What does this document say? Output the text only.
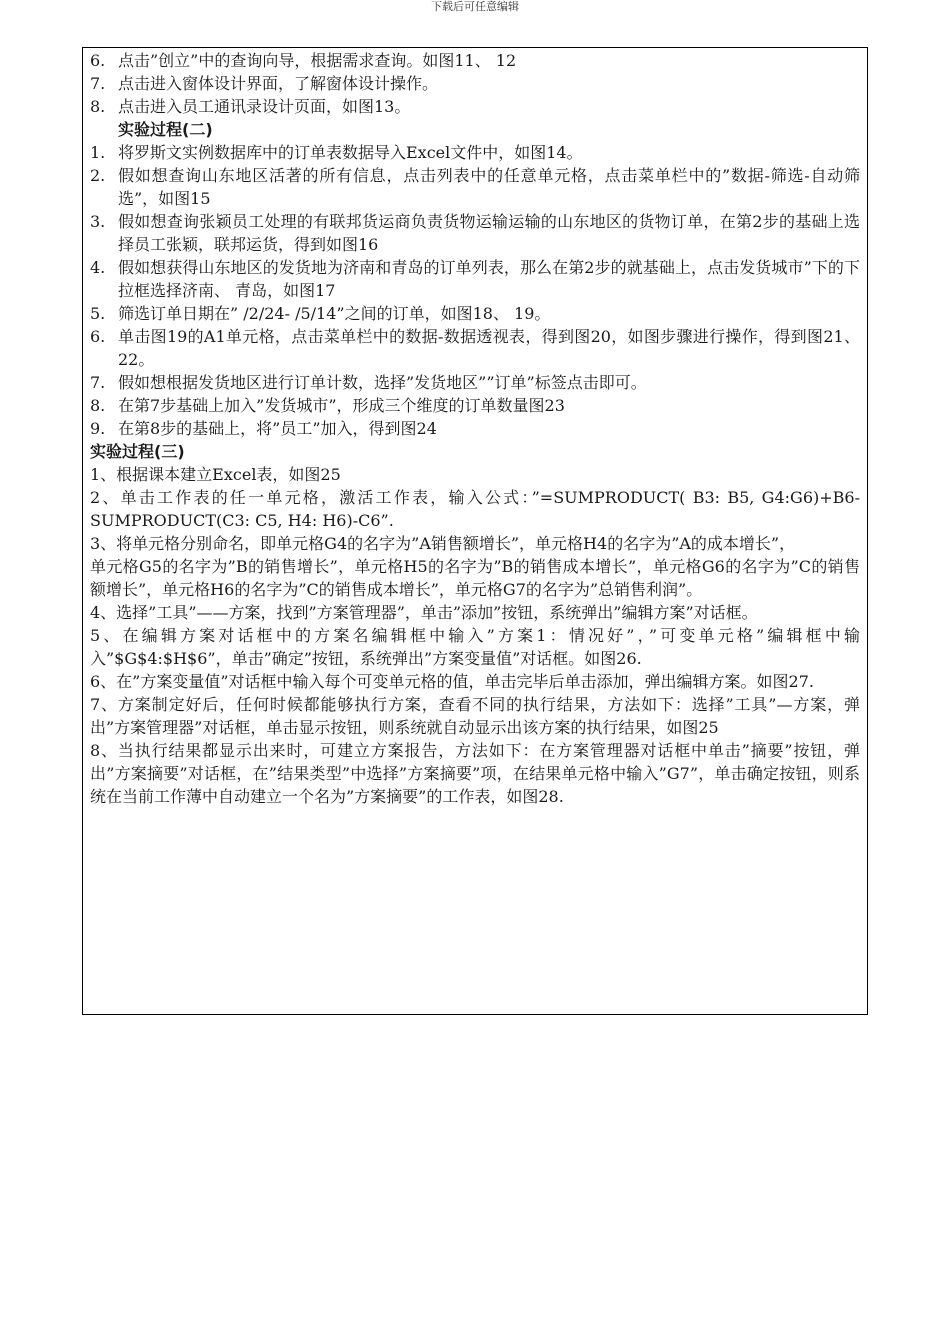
下载后可任意编辑
6. 点击”创立”中的查询向导，根据需求查询。如图11、 12
7. 点击进入窗体设计界面，了解窗体设计操作。
8. 点击进入员工通讯录设计页面，如图13。
实验过程(二)
1. 将罗斯文实例数据库中的订单表数据导入Excel文件中，如图14。
2. 假如想查询山东地区活著的所有信息，点击列表中的任意单元格，点击菜单栏中的”数据-筛选-自动筛选”，如图15
3. 假如想查询张颖员工处理的有联邦货运商负责货物运输运输的山东地区的货物订单，在第2步的基础上选择员工张颖，联邦运货，得到如图16
4. 假如想获得山东地区的发货地为济南和青岛的订单列表，那么在第2步的就基础上，点击发货城市”下的下拉框选择济南、 青岛，如图17
5. 筛选订单日期在” /2/24- /5/14”之间的订单，如图18、 19。
6. 单击图19的A1单元格，点击菜单栏中的数据-数据透视表，得到图20，如图步骤进行操作，得到图21、 22。
7. 假如想根据发货地区进行订单计数，选择”发货地区””订单”标签点击即可。
8. 在第7步基础上加入”发货城市”，形成三个维度的订单数量图23
9. 在第8步的基础上，将”员工”加入，得到图24
实验过程(三)
1、根据课本建立Excel表，如图25
2、单击工作表的任一单元格，激活工作表，输入公式：”=SUMPRODUCT( B3: B5, G4:G6)+B6-SUMPRODUCT(C3: C5, H4: H6)-C6”.
3、将单元格分别命名，即单元格G4的名字为”A销售额增长”，单元格H4的名字为”A的成本增长”，
单元格G5的名字为”B的销售增长”，单元格H5的名字为”B的销售成本增长”，单元格G6的名字为”C的销售额增长”，单元格H6的名字为”C的销售成本增长”，单元格G7的名字为”总销售利润”。
4、选择”工具”——方案，找到”方案管理器”，单击”添加”按钮，系统弹出”编辑方案”对话框。
5、在编辑方案对话框中的方案名编辑框中输入”方案1：情况好”，”可变单元格”编辑框中输入”$G$4:$H$6”，单击”确定”按钮，系统弹出”方案变量值”对话框。如图26.
6、在”方案变量值”对话框中输入每个可变单元格的值，单击完毕后单击添加，弹出编辑方案。如图27.
7、方案制定好后，任何时候都能够执行方案，查看不同的执行结果，方法如下：选择”工具”—方案，弹出”方案管理器”对话框，单击显示按钮，则系统就自动显示出该方案的执行结果，如图25
8、当执行结果都显示出来时，可建立方案报告，方法如下：在方案管理器对话框中单击”摘要”按钮，弹出”方案摘要”对话框，在”结果类型”中选择”方案摘要”项，在结果单元格中输入”G7”，单击确定按钮，则系统在当前工作薄中自动建立一个名为”方案摘要”的工作表，如图28.
